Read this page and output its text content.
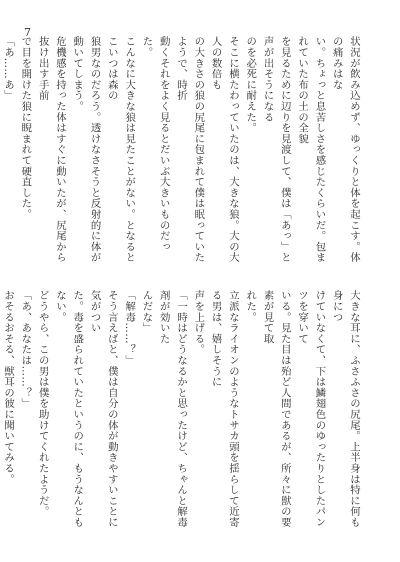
7

状況が飲み込めず、ゆっくりと体を起こす。体の痛みはな

い。ちょっと息苦しさを感じたくらいだ。包まれていた布の土の全貌

を見るために辺りを見渡して、僕は「あっ」と声が出そうになる

のを必死に耐えた。

そこに横たわっていたのは、大きな狼。大の大人の数倍も

の大きさの狼の尻尾に包まれて僕は眠っていたようで、時折

動くそれをよく見るとだいぶ大きいものだった。

こんなに大きな狼は見たことがない。となるとこいつは森の

狼男なのだろう。透けなさそうと反射的に体が動いてしまう。

危機感を持った体はすぐに動いたが、尻尾から抜け出す手前

で目を開けた狼に睨まれて硬直した。

「あ……あ」

大きな耳に、ふさふさの尻尾。上半身は特に何も身につ

けていなくて、下は鱗翅色のゆったりとしたパンツを穿いて

いる。見た目は殆ど人間であるが、所々に獣の要素が見て取

れた。

立派なライオンのようなトサカ頭を揺らして近寄る男は、嬉しそうに

声を上げる。

「一時はどうなるかと思ったけど、ちゃんと解毒剤が効いた

んだな」

「解毒……？」

そう言えばと、僕は自分の体が動きやすいことに気がつい

た。毒を盛られていたというのに、もうなんともない。

どうやら、この男は僕を助けてくれたようだ。

「あ、あなたは……？」

おそるおそる、獣耳の彼に聞いてみる。
